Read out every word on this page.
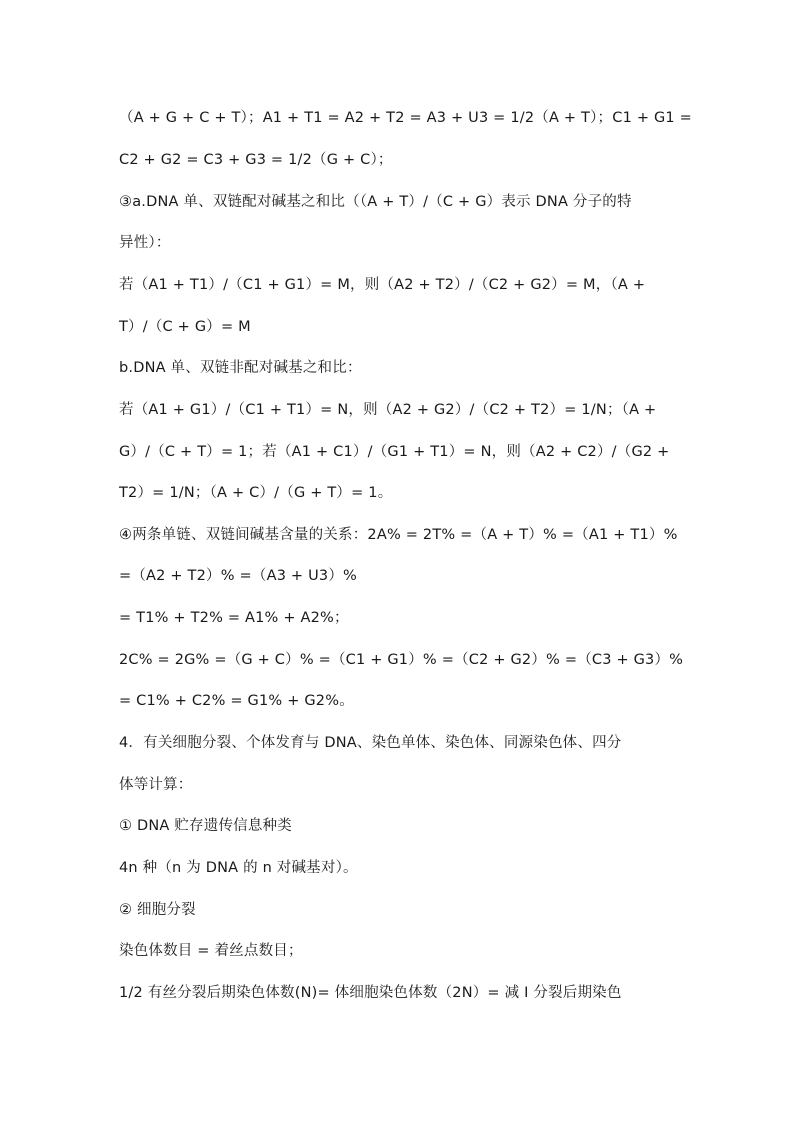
（A + G + C + T）；A1 + T1 = A2 + T2 = A3 + U3 = 1/2（A + T）；C1 + G1 =
C2 + G2 = C3 + G3 = 1/2（G + C）；
③a.DNA 单、双链配对碱基之和比（（A + T）/（C + G）表示 DNA 分子的特
异性）：
若（A1 + T1）/（C1 + G1）= M，则（A2 + T2）/（C2 + G2）= M，（A +
T）/（C + G）= M
b.DNA 单、双链非配对碱基之和比：
若（A1 + G1）/（C1 + T1）= N，则（A2 + G2）/（C2 + T2）= 1/N；（A +
G）/（C + T）= 1；若（A1 + C1）/（G1 + T1）= N，则（A2 + C2）/（G2 +
T2）= 1/N；（A + C）/（G + T）= 1。
④两条单链、双链间碱基含量的关系：2A% = 2T% =（A + T）% =（A1 + T1）%
=（A2 + T2）% =（A3 + U3）%
= T1% + T2% = A1% + A2%；
2C% = 2G% =（G + C）% =（C1 + G1）% =（C2 + G2）% =（C3 + G3）%
= C1% + C2% = G1% + G2%。
4．有关细胞分裂、个体发育与 DNA、染色单体、染色体、同源染色体、四分
体等计算：
① DNA 贮存遗传信息种类
4n 种（n 为 DNA 的 n 对碱基对）。
② 细胞分裂
染色体数目 = 着丝点数目；
1/2 有丝分裂后期染色体数(N)= 体细胞染色体数（2N）= 减 I 分裂后期染色
